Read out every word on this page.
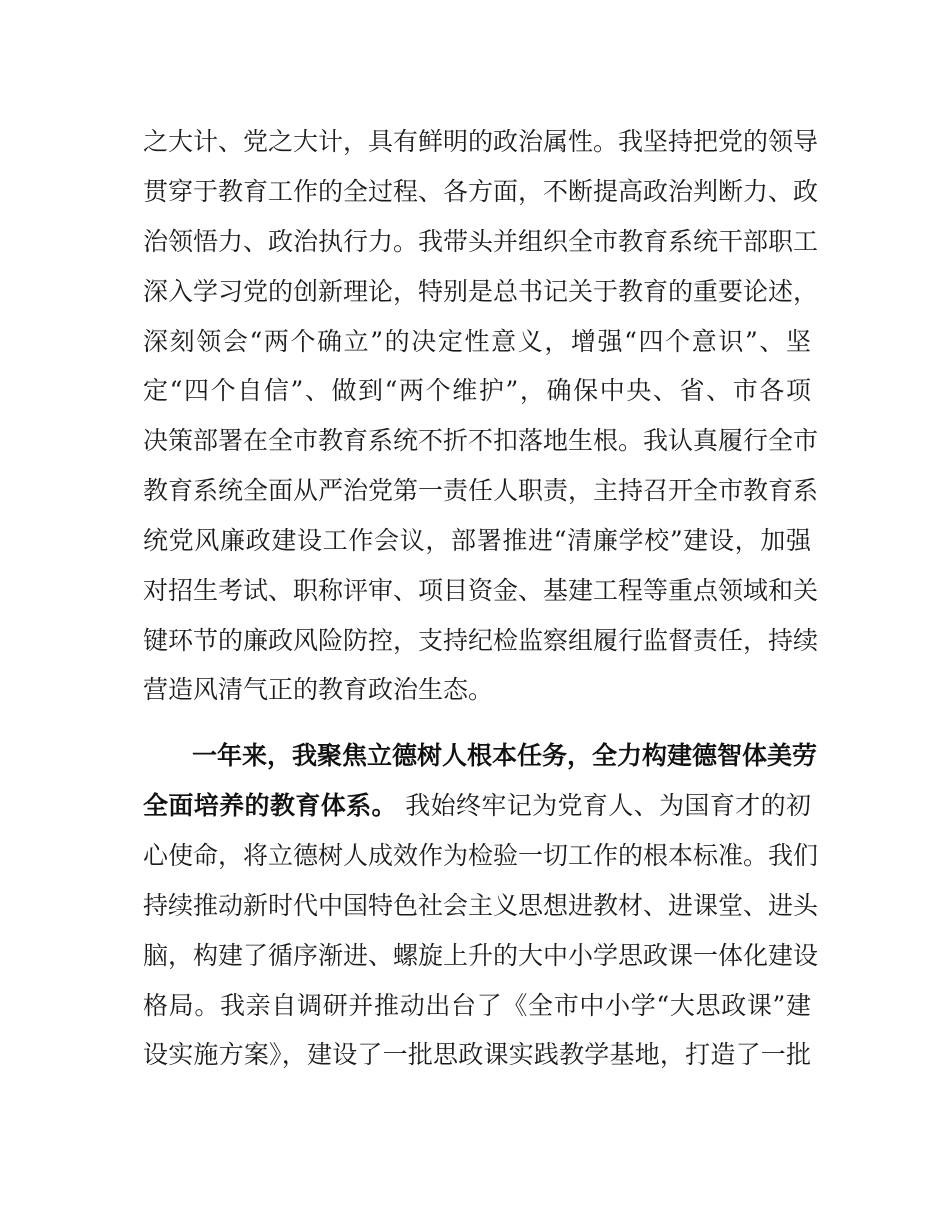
之大计、党之大计，具有鲜明的政治属性。我坚持把党的领导
贯穿于教育工作的全过程、各方面，不断提高政治判断力、政
治领悟力、政治执行力。我带头并组织全市教育系统干部职工
深入学习党的创新理论，特别是总书记关于教育的重要论述，
深刻领会“两个确立”的决定性意义，增强“四个意识”、坚
定“四个自信”、做到“两个维护”，确保中央、省、市各项
决策部署在全市教育系统不折不扣落地生根。我认真履行全市
教育系统全面从严治党第一责任人职责，主持召开全市教育系
统党风廉政建设工作会议，部署推进“清廉学校”建设，加强
对招生考试、职称评审、项目资金、基建工程等重点领域和关
键环节的廉政风险防控，支持纪检监察组履行监督责任，持续
营造风清气正的教育政治生态。
一年来，我聚焦立德树人根本任务，全力构建德智体美劳
全面培养的教育体系。 我始终牢记为党育人、为国育才的初
心使命，将立德树人成效作为检验一切工作的根本标准。我们
持续推动新时代中国特色社会主义思想进教材、进课堂、进头
脑，构建了循序渐进、螺旋上升的大中小学思政课一体化建设
格局。我亲自调研并推动出台了《全市中小学“大思政课”建
设实施方案》，建设了一批思政课实践教学基地，打造了一批
